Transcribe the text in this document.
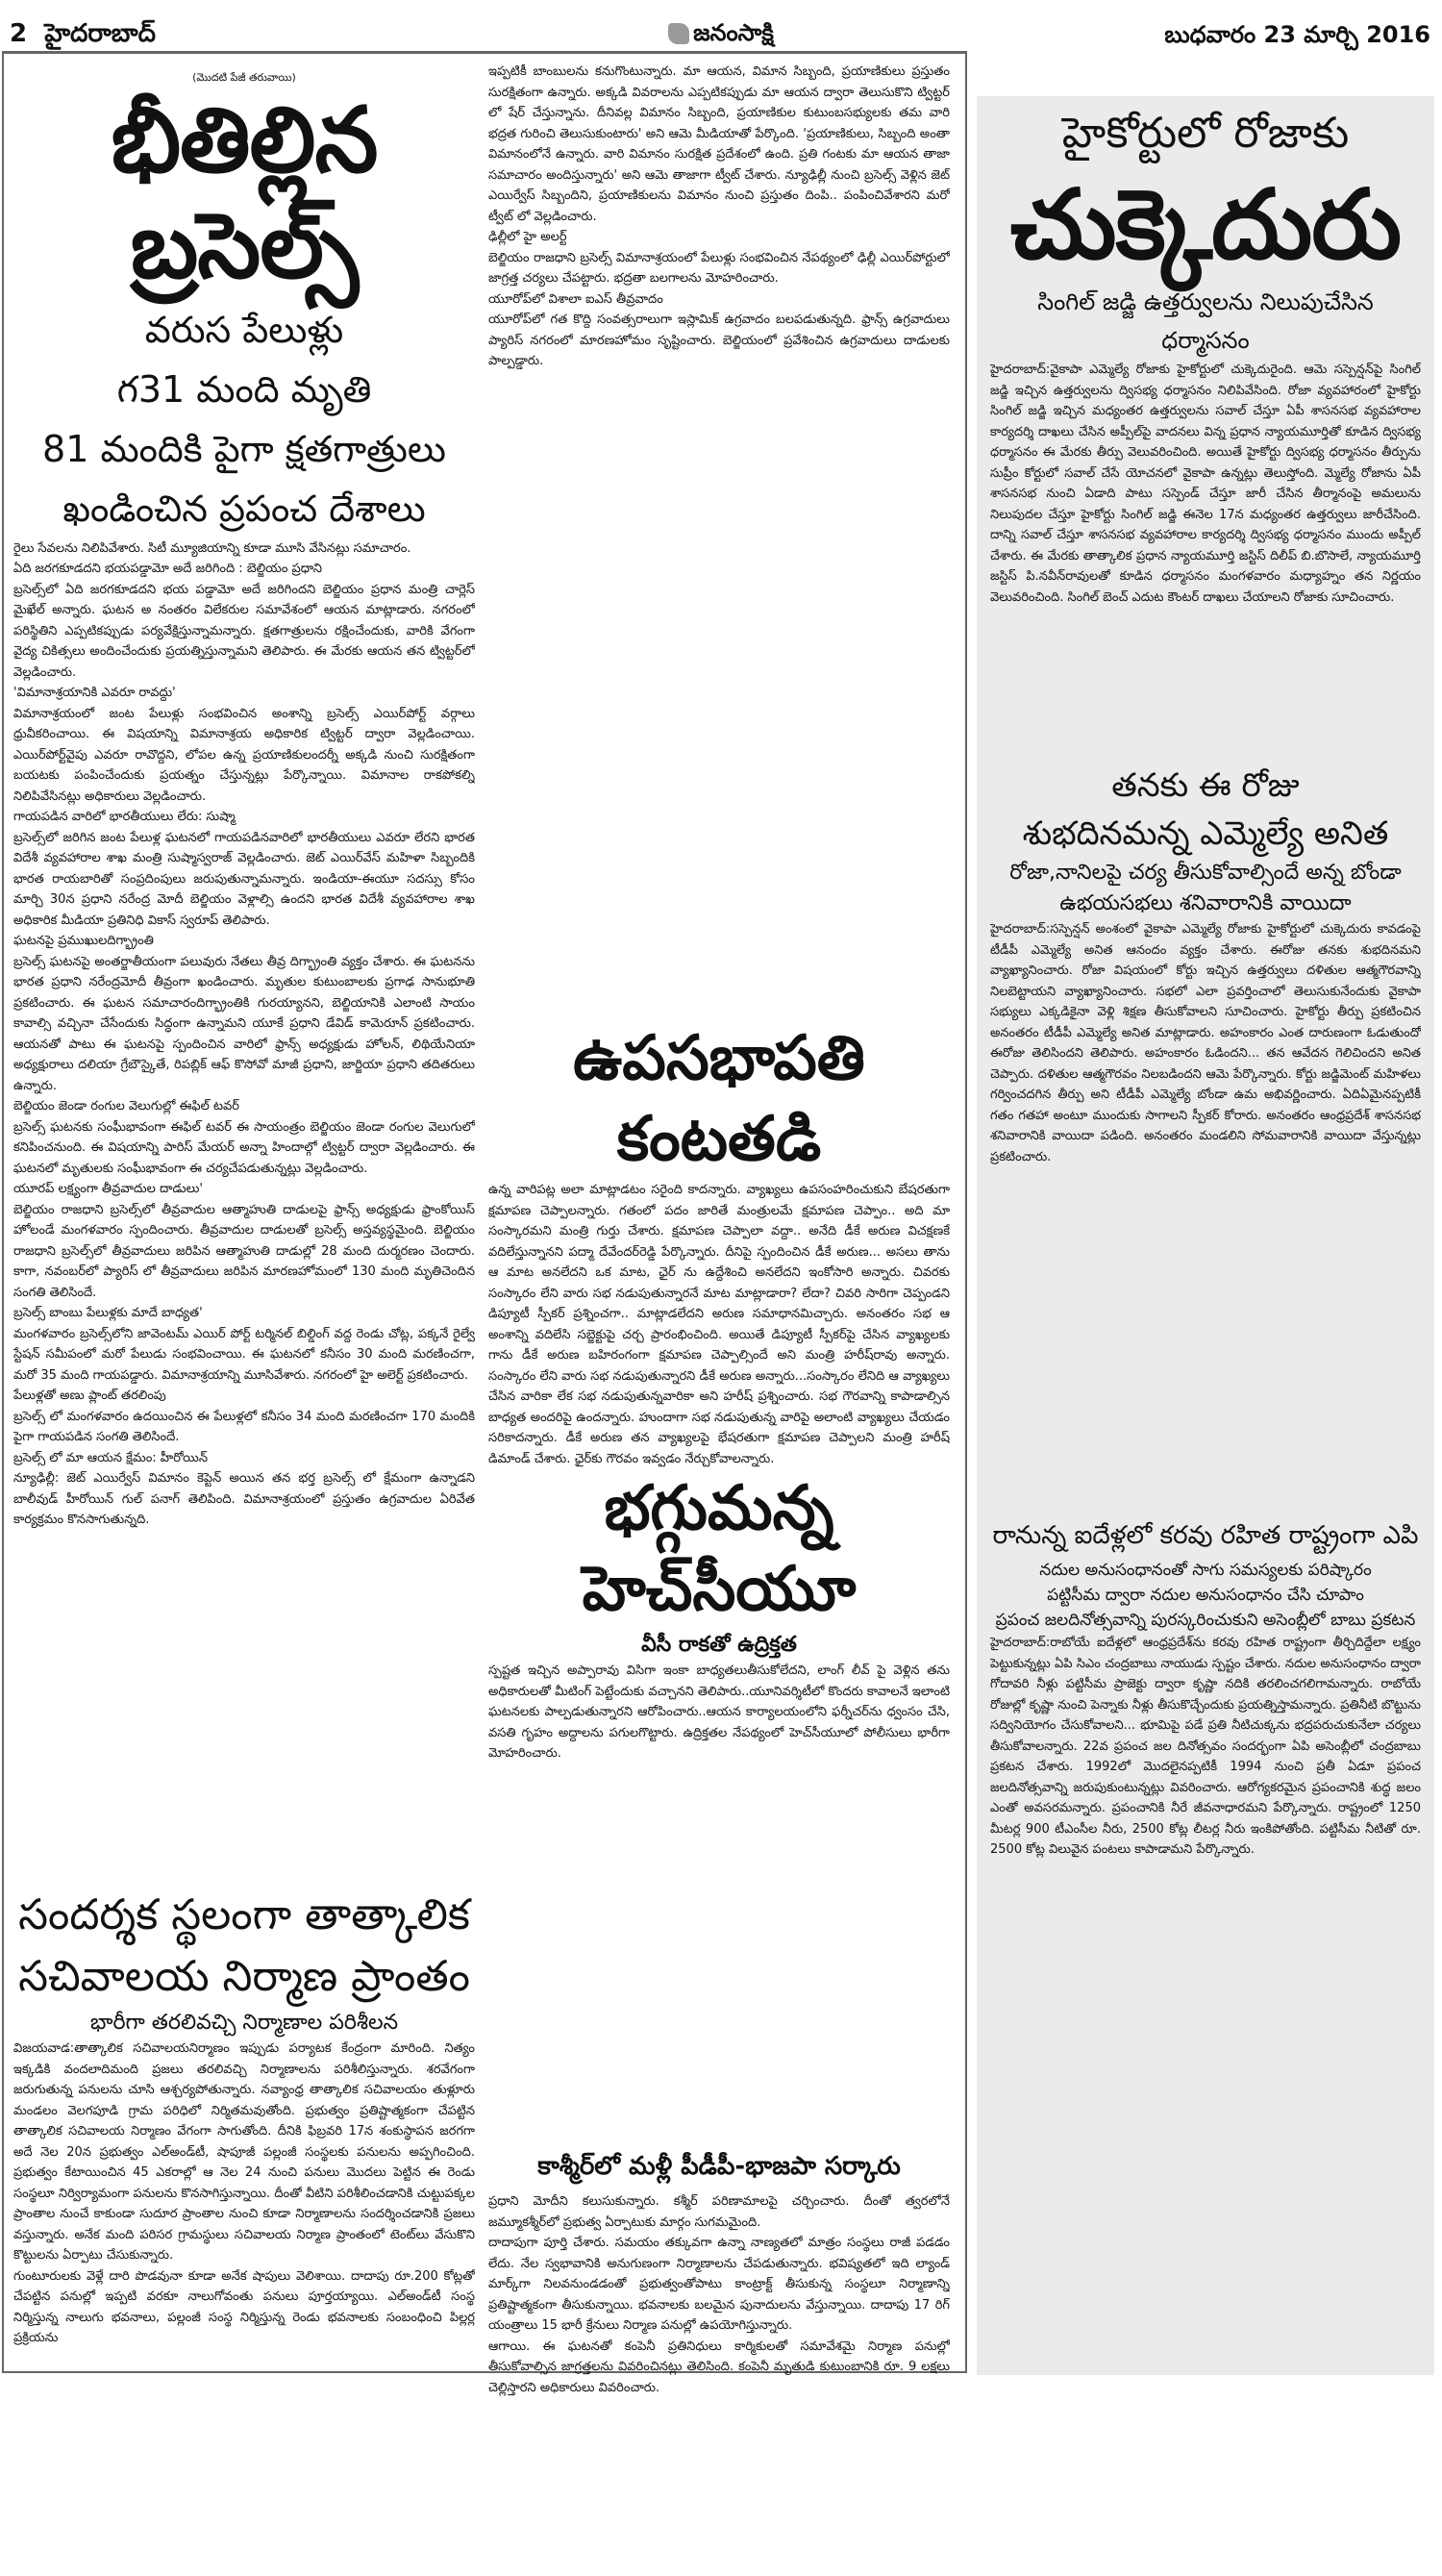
2 హైదరాబాద్	జనంసాక్షి	బుధవారం 23 మార్చి 2016
(మొదటి పేజీ తరువాయి)
భీతిల్లిన బ్రసెల్స్
వరుస పేలుళ్లు
గ31 మంది మృతి
81 మందికి పైగా క్షతగాత్రులు
ఖండించిన ప్రపంచ దేశాలు

రైలు సేవలను నిలిపివేశారు. సిటీ మ్యూజియాన్ని కూడా మూసి వేసినట్లు సమాచారం.

ఏది జరగకూడదని భయపడ్డామో అదే జరిగింది : బెల్జియం ప్రధాని

బ్రసెల్స్‌లో ఏది జరగకూడదని భయ పడ్డామో అదే జరిగిందని బెల్జియం ప్రధాన మంత్రి చార్లెస్ మైఖేల్ అన్నారు. ఘటన అ నంతరం విలేకరుల సమావేశంలో ఆయన మాట్లాడారు. నగరంలో పరిస్థితిని ఎప్పటికప్పుడు పర్యవేక్షిస్తున్నామన్నారు. క్షతగాత్రులను రక్షించేందుకు, వారికి వేగంగా వైద్య చికిత్సలు అందించేందుకు ప్రయత్నిస్తున్నామని తెలిపారు. ఈ మేరకు ఆయన తన ట్విట్టర్‌లో వెల్లడించారు.

'విమానాశ్రయానికి ఎవరూ రావద్దు'

విమానాశ్రయంలో జంట పేలుళ్లు సంభవించిన అంశాన్ని బ్రసెల్స్ ఎయిర్‌పోర్ట్ వర్గాలు ధ్రువీకరించాయి. ఈ విషయాన్ని విమానాశ్రయ అధికారిక ట్విట్టర్ ద్వారా వెల్లడించాయి. ఎయిర్‌పోర్ట్‌వైపు ఎవరూ రావొద్దని, లోపల ఉన్న ప్రయాణికులందర్నీ అక్కడి నుంచి సురక్షితంగా బయటకు పంపించేందుకు ప్రయత్నం చేస్తున్నట్లు పేర్కొన్నాయి. విమానాల రాకపోకల్ని నిలిపివేసినట్లు అధికారులు వెల్లడించారు.

గాయపడిన వారిలో భారతీయులు లేరు: సుష్మా

బ్రసెల్స్‌లో జరిగిన జంట పేలుళ్ల ఘటనలో గాయపడినవారిలో భారతీయులు ఎవరూ లేరని భారత విదేశీ వ్యవహారాల శాఖ మంత్రి సుష్మాస్వరాజ్ వెల్లడించారు. జెట్ ఎయిర్‌వేస్ మహిళా సిబ్బందికి భారత రాయబారితో సంప్రదింపులు జరుపుతున్నామన్నారు. ఇండియా-ఈయూ సదస్సు కోసం మార్చి 30న ప్రధాని నరేంద్ర మోదీ బెల్జియం వెళ్లాల్సి ఉందని భారత విదేశీ వ్యవహారాల శాఖ అధికారిక మీడియా ప్రతినిధి వికాస్ స్వరూప్ తెలిపారు.

ఘటనపై ప్రముఖులదిగ్భ్రాంతి

బ్రసెల్స్ ఘటనపై అంతర్జాతీయంగా పలువురు నేతలు తీవ్ర దిగ్భ్రాంతి వ్యక్తం చేశారు. ఈ ఘటనను భారత ప్రధాని నరేంద్రమోదీ తీవ్రంగా ఖండించారు. మృతుల కుటుంబాలకు ప్రగాఢ సానుభూతి ప్రకటించారు. ఈ ఘటన సమాచారందిగ్భ్రాంతికి గురయ్యానని, బెల్జియానికి ఎలాంటి సాయం కావాల్సి వచ్చినా చేసేందుకు సిద్ధంగా ఉన్నామని యూకే ప్రధాని డేవిడ్ కామెరూన్ ప్రకటించారు. ఆయనతో పాటు ఈ ఘటనపై స్పందించిన వారిలో ఫ్రాన్స్ అధ్యక్షుడు హోలన్, లిథియేనియా అధ్యక్షురాలు దలియా గ్రేబౌస్కైతే, రిపబ్లిక్ ఆఫ్ కొసోవో మాజీ ప్రధాని, జార్జియా ప్రధాని తదితరులు ఉన్నారు.

బెల్జియం జెండా రంగుల వెలుగుల్లో ఈఫిల్ టవర్

బ్రసెల్స్ ఘటనకు సంఘీభావంగా ఈఫిల్ టవర్ ఈ సాయంత్రం బెల్జియం జెండా రంగుల వెలుగులో కనిపించనుంది. ఈ విషయాన్ని పారిస్ మేయర్ అన్నా హిందాల్గో ట్విట్టర్ ద్వారా వెల్లడించారు. ఈ ఘటనలో మృతులకు సంఘీభావంగా ఈ చర్యచేపడుతున్నట్లు వెల్లడించారు.

యూరప్ లక్ష్యంగా తీవ్రవాదుల దాడులు'

బెల్జియం రాజధాని బ్రసెల్స్‌లో తీవ్రవాదుల ఆత్మాహుతి దాడులపై ఫ్రాన్స్ అధ్యక్షుడు ఫ్రాంకోయిస్ హోలండే మంగళవారం స్పందించారు. తీవ్రవాదుల దాడులతో బ్రసెల్స్ అస్తవ్యస్థమైంది. బెల్జియం రాజధాని బ్రసెల్స్‌లో తీవ్రవాదులు జరిపిన ఆత్మాహుతి దాడుల్లో 28 మంది దుర్మరణం చెందారు. కాగా, నవంబర్‌లో ప్యారిస్ లో తీవ్రవాదులు జరిపిన మారణహోమంలో 130 మంది మృతిచెందిన సంగతి తెలిసిందే.

బ్రసెల్స్ బాంబు పేలుళ్లకు మాదే బాధ్యత'

మంగళవారం బ్రసెల్స్‌లోని జావెంటమ్ ఎయిర్ పోర్ట్ టర్మినల్ బిల్డింగ్ వద్ద రెండు చోట్ల, పక్కనే రైల్వే స్టేషన్ సమీపంలో మరో పేలుడు సంభవించాయి. ఈ ఘటనలో కనీసం 30 మంది మరణించగా, మరో 35 మంది గాయపడ్డారు. విమానాశ్రయాన్ని మూసివేశారు. నగరంలో హై అలెర్ట్ ప్రకటించారు.

పేలుళ్లతో అణు ప్లాంట్ తరలింపు

బ్రసెల్స్ లో మంగళవారం ఉదయించిన ఈ పేలుళ్లలో కనీసం 34 మంది మరణించగా 170 మందికి పైగా గాయపడిన సంగతి తెలిసిందే.

బ్రసెల్స్ లో మా ఆయన క్షేమం: హీరోయిన్

న్యూఢిల్లీ: జెట్ ఎయిర్వేస్ విమానం కెప్టెన్ అయిన తన భర్త బ్రసెల్స్ లో క్షేమంగా ఉన్నాడని బాలీవుడ్ హీరోయిన్ గుల్ పనాగ్ తెలిపింది. విమానాశ్రయంలో ప్రస్తుతం ఉగ్రవాదుల ఏరివేత కార్యక్రమం కొనసాగుతున్నది.

ఇప్పటికీ బాంబులను కనుగొంటున్నారు. మా ఆయన, విమాన సిబ్బంది, ప్రయాణికులు ప్రస్తుతం సురక్షితంగా ఉన్నారు. అక్కడి వివరాలను ఎప్పటికప్పుడు మా ఆయన ద్వారా తెలుసుకొని ట్విట్టర్ లో షేర్ చేస్తున్నాను. దీనివల్ల విమానం సిబ్బంది, ప్రయాణికుల కుటుంబసభ్యులకు తమ వారి భద్రత గురించి తెలుసుకుంటారు' అని ఆమె మీడియాతో పేర్కొంది. 'ప్రయాణికులు, సిబ్బంది అంతా విమానంలోనే ఉన్నారు. వారి విమానం సురక్షిత ప్రదేశంలో ఉంది. ప్రతి గంటకు మా ఆయన తాజా సమాచారం అందిస్తున్నారు' అని ఆమె తాజాగా ట్వీట్ చేశారు. న్యూఢిల్లీ నుంచి బ్రసెల్స్ వెళ్లిన జెట్ ఎయిర్వేస్ సిబ్బందిని, ప్రయాణికులను విమానం నుంచి ప్రస్తుతం దింపి.. పంపించివేశారని మరో ట్వీట్ లో వెల్లడించారు.

ఢిల్లీలో హై అలర్ట్

బెల్జియం రాజధాని బ్రసెల్స్ విమానాశ్రయంలో పేలుళ్లు సంభవించిన నేపథ్యంలో ఢిల్లీ ఎయిర్‌పోర్టులో జాగ్రత్త చర్యలు చేపట్టారు. భద్రతా బలగాలను మోహరించారు.

యూరోప్‌లో విశాలా ఐఎస్ తీవ్రవాదం

యూరోప్‌లో గత కొద్ది సంవత్సరాలుగా ఇస్లామిక్ ఉగ్రవాదం బలపడుతున్నది. ఫ్రాన్స్ ఉగ్రవాదులు ప్యారిస్ నగరంలో మారణహోమం సృష్టించారు. బెల్జియంలో ప్రవేశించిన ఉగ్రవాదులు దాడులకు పాల్పడ్డారు.

ఉపసభాపతి కంటతడి

ఉన్న వారిపట్ల అలా మాట్లాడటం సరైంది కాదన్నారు. వ్యాఖ్యలు ఉపసంహరించుకుని బేషరతుగా క్షమాపణ చెప్పాలన్నారు. గతంలో పదం జారితే మంత్రులమే క్షమాపణ చెప్పాం.. అది మా సంస్కారమని మంత్రి గుర్తు చేశారు. క్షమాపణ చెప్పాలా వద్దా.. అనేది డీకే అరుణ విచక్షణకే వదిలేస్తున్నానని పద్మా దేవేందర్‌రెడ్డి పేర్కొన్నారు. దీనిపై స్పందించిన డీకే అరుణ... అసలు తాను ఆ మాట అనలేదని ఒక మాట, ఛైర్ ను ఉద్దేశించి అనలేదని ఇంకోసారి అన్నారు. చివరకు సంస్కారం లేని వారు సభ నడుపుతున్నారనే మాట మాట్లాడారా? లేదా? చివరి సారిగా చెప్పండని డిప్యూటీ స్పీకర్ ప్రశ్నించగా.. మాట్లాడలేదని అరుణ సమాధానమిచ్చారు. అనంతరం సభ ఆ అంశాన్ని వదిలేసి సబ్జెక్టుపై చర్చ ప్రారంభించింది. అయితే డిప్యూటీ స్పీకర్‌పై చేసిన వ్యాఖ్యలకు గాను డీకే అరుణ బహిరంగంగా క్షమాపణ చెప్పాల్సిందే అని మంత్రి హరీష్‌రావు అన్నారు. సంస్కారం లేని వారు సభ నడుపుతున్నారని డీకే అరుణ అన్నారు...సంస్కారం లేనిది ఆ వ్యాఖ్యలు చేసిన వారికా లేక సభ నడుపుతున్నవారికా అని హరీష్ ప్రశ్నించారు. సభ గౌరవాన్ని కాపాడాల్సిన బాధ్యత అందరిపై ఉందన్నారు. హుందాగా సభ నడుపుతున్న వారిపై అలాంటి వ్యాఖ్యలు చేయడం సరికాదన్నారు. డీకే అరుణ తన వ్యాఖ్యలపై భేషరతుగా క్షమాపణ చెప్పాలని మంత్రి హరీష్ డిమాండ్ చేశారు. ఛైర్‌కు గౌరవం ఇవ్వడం నేర్చుకోవాలన్నారు.

భగ్గుమన్న హెచ్‌సీయూ
వీసీ రాకతో ఉద్రిక్తత

స్పష్టత ఇచ్చిన అప్పారావు విసిగా ఇంకా బాధ్యతలుతీసుకోలేదని, లాంగ్ లీవ్ పై వెళ్లిన తను అధికారులతో మీటింగ్ పెట్టేందుకు వచ్చానని తెలిపారు..యూనివర్శిటీలో కొందరు కావాలనే ఇలాంటి ఘటనలకు పాల్పడుతున్నారని ఆరోపించారు..ఆయన కార్యాలయంలోని ఫర్నీచర్‌ను ధ్వంసం చేసి, వసతి గృహం అద్దాలను పగులగొట్టారు. ఉద్రిక్తతల నేపథ్యంలో హెచ్‌సీయూలో పోలీసులు భారీగా మోహరించారు.

కాశ్మీర్‌లో మళ్లీ పీడీపీ-భాజపా సర్కారు

ప్రధాని మోదీని కలుసుకున్నారు. కశ్మీర్ పరిణామాలపై చర్చించారు. దీంతో త్వరలోనే జమ్మూకశ్మీర్‌లో ప్రభుత్వ ఏర్పాటుకు మార్గం సుగమమైంది.

దాదాపుగా పూర్తి చేశారు. సమయం తక్కువగా ఉన్నా నాణ్యతలో మాత్రం సంస్థలు రాజీ పడడం లేదు. నేల స్వభావానికి అనుగుణంగా నిర్మాణాలను చేపడుతున్నారు. భవిష్యతలో ఇది ల్యాండ్ మార్క్‌గా నిలవనుండడంతో ప్రభుత్వంతోపాటు కాంట్రాక్ట్ తీసుకున్న సంస్థలూ నిర్మాణాన్ని ప్రతిష్టాత్మకంగా తీసుకున్నాయి. భవనాలకు బలమైన పునాదులను వేస్తున్నాయి. దాదాపు 17 రిగ్ యంత్రాలు 15 భారీ క్రేనులు నిర్మాణ పనుల్లో ఉపయోగిస్తున్నారు.

ఆగాయి. ఈ ఘటనతో కంపెనీ ప్రతినిధులు కార్మికులతో సమావేశమై నిర్మాణ పనుల్లో తీసుకోవాల్సిన జాగ్రత్తలను వివరించినట్లు తెలిసింది. కంపెనీ మృతుడి కుటుంబానికి రూ. 9 లక్షలు చెల్లిస్తారని అధికారులు వివరించారు.

సందర్శక స్థలంగా తాత్కాలిక
సచివాలయ నిర్మాణ ప్రాంతం
భారీగా తరలివచ్చి నిర్మాణాల పరిశీలన

విజయవాడ:తాత్కాలిక సచివాలయనిర్మాణం ఇప్పుడు పర్యాటక కేంద్రంగా మారింది. నిత్యం ఇక్కడికి వందలాదిమంది ప్రజలు తరలివచ్చి నిర్మాణాలను పరిశీలిస్తున్నారు. శరవేగంగా జరుగుతున్న పనులను చూసి ఆశ్చర్యపోతున్నారు. నవ్యాంధ్ర తాత్కాలిక సచివాలయం తుళ్లూరు మండలం వెలగపూడి గ్రామ పరిధిలో నిర్మితమవుతోంది. ప్రభుత్వం ప్రతిష్టాత్మకంగా చేపట్టిన తాత్కాలిక సచివాలయ నిర్మాణం వేగంగా సాగుతోంది. దీనికి ఫిబ్రవరి 17న శంకుస్థాపన జరగగా అదే నెల 20న ప్రభుత్వం ఎల్‌అండ్‌టీ, షాపూజీ పల్లంజీ సంస్థలకు పనులను అప్పగించింది. ప్రభుత్వం కేటాయించిన 45 ఎకరాల్లో ఆ నెల 24 నుంచి పనులు మొదలు పెట్టిన ఈ రెండు సంస్థలూ నిర్విర్యామంగా పనులను కొనసాగిస్తున్నాయి. దీంతో వీటిని పరిశీలించడానికి చుట్టుపక్కల ప్రాంతాల నుంచే కాకుండా సుదూర ప్రాంతాల నుంచి కూడా నిర్మాణాలను సందర్శించడానికి ప్రజలు వస్తున్నారు. అనేక మంది పరిసర గ్రామస్థులు సచివాలయ నిర్మాణ ప్రాంతంలో టెంట్‌లు వేసుకొని కొట్టులను ఏర్పాటు చేసుకున్నారు.

గుంటూరులకు వెళ్లే దారి పొడవునా కూడా అనేక షాపులు వెలిశాయి. దాదాపు రూ.200 కోట్లతో చేపట్టిన పనుల్లో ఇప్పటి వరకూ నాలుగోవంతు పనులు పూర్తయ్యాయి. ఎల్‌అండ్‌టీ సంస్థ నిర్మిస్తున్న నాలుగు భవనాలు, పల్లంజీ సంస్థ నిర్మిస్తున్న రెండు భవనాలకు సంబంధించి పిల్లర్ల ప్రక్రియను

హైకోర్టులో రోజాకు
చుక్కెదురు
సింగిల్ జడ్జి ఉత్తర్వులను నిలుపుచేసిన ధర్మాసనం

హైదరాబాద్:వైకాపా ఎమ్మెల్యే రోజాకు హైకోర్టులో చుక్కెదురైంది. ఆమె సస్పెన్షన్‌పై సింగిల్ జడ్జి ఇచ్చిన ఉత్తర్వులను ద్విసభ్య ధర్మాసనం నిలిపివేసింది. రోజా వ్యవహారంలో హైకోర్టు సింగిల్ జడ్జి ఇచ్చిన మధ్యంతర ఉత్తర్వులను సవాల్ చేస్తూ ఏపీ శాసనసభ వ్యవహారాల కార్యదర్శి దాఖలు చేసిన అప్పీల్‌పై వాదనలు విన్న ప్రధాన న్యాయమూర్తితో కూడిన ద్విసభ్య ధర్మాసనం ఈ మేరకు తీర్పు వెలువరించింది. అయితే హైకోర్టు ద్విసభ్య ధర్మాసనం తీర్పును సుప్రీం కోర్టులో సవాల్ చేసే యోచనలో వైకాపా ఉన్నట్లు తెలుస్తోంది. మ్మెల్యే రోజాను ఏపీ శాసనసభ నుంచి ఏడాది పాటు సస్పెండ్ చేస్తూ జారీ చేసిన తీర్మానంపై అమలును నిలుపుదల చేస్తూ హైకోర్టు సింగిల్ జడ్జి ఈనెల 17న మధ్యంతర ఉత్తర్వులు జారీచేసింది. దాన్ని సవాల్ చేస్తూ శాసనసభ వ్యవహారాల కార్యదర్శి ద్విసభ్య ధర్మాసనం ముందు అప్పీల్ చేశారు. ఈ మేరకు తాత్కాలిక ప్రధాన న్యాయమూర్తి జస్టిస్ దిలీప్ బి.బొసాలే, న్యాయమూర్తి జస్టిస్ పి.నవీన్‌రావులతో కూడిన ధర్మాసనం మంగళవారం మధ్యాహ్నం తన నిర్ణయం వెలువరించింది. సింగిల్ బెంచ్ ఎదుట కౌంటర్ దాఖలు చేయాలని రోజాకు సూచించారు.

తనకు ఈ రోజు
శుభదినమన్న ఎమ్మెల్యే అనిత
రోజా,నానిలపై చర్య తీసుకోవాల్సిందే అన్న బోండా
ఉభయసభలు శనివారానికి వాయిదా

హైదరాబాద్:సస్పెన్షన్ అంశంలో వైకాపా ఎమ్మెల్యే రోజాకు హైకోర్టులో చుక్కెదురు కావడంపై టీడీపీ ఎమ్మెల్యే అనిత ఆనందం వ్యక్తం చేశారు. ఈరోజు తనకు శుభదినమని వ్యాఖ్యానించారు. రోజా విషయంలో కోర్టు ఇచ్చిన ఉత్తర్వులు దళితుల ఆత్మగౌరవాన్ని నిలబెట్టాయని వ్యాఖ్యానించారు. సభలో ఎలా ప్రవర్తించాలో తెలుసుకునేందుకు వైకాపా సభ్యులు ఎక్కడికైనా వెళ్లి శిక్షణ తీసుకోవాలని సూచించారు. హైకోర్టు తీర్పు ప్రకటించిన అనంతరం టీడీపీ ఎమ్మెల్యే అనిత మాట్లాడారు. అహంకారం ఎంత దారుణంగా ఓడుతుందో ఈరోజు తెలిసిందని తెలిపారు. అహంకారం ఓడిందని... తన ఆవేదన గెలిచిందని అనిత చెప్పారు. దళితుల ఆత్మగౌరవం నిలబడిందని ఆమె పేర్కొన్నారు. కోర్టు జడ్జిమెంట్ మహిళలు గర్వించదగిన తీర్పు అని టీడీపీ ఎమ్మెల్యే బోండా ఉమ అభివర్ణించారు. ఏదిఏమైనప్పటికీ గతం గతహా అంటూ ముందుకు సాగాలని స్పీకర్ కోరారు. అనంతరం ఆంధ్రప్రదేశ్ శాసనసభ శనివారానికి వాయిదా పడింది. అనంతరం మండలిని సోమవారానికి వాయిదా వేస్తున్నట్లు ప్రకటించారు.

రానున్న ఐదేళ్లలో కరవు రహిత రాష్ట్రంగా ఎపి
నదుల అనుసంధానంతో సాగు సమస్యలకు పరిష్కారం
పట్టిసీమ ద్వారా నదుల అనుసంధానం చేసి చూపాం
ప్రపంచ జలదినోత్సవాన్ని పురస్కరించుకుని అసెంబ్లీలో బాబు ప్రకటన

హైదరాబాద్:రాబోయే ఐదేళ్లలో ఆంధ్రప్రదేశ్‌ను కరవు రహిత రాష్ట్రంగా తీర్చిదిద్దేలా లక్ష్యం పెట్టుకున్నట్లు ఏపి సిఎం చంద్రబాబు నాయుడు స్పష్టం చేశారు. నదుల అనుసంధానం ద్వారా గోదావరి నీళ్లు పట్టిసీమ ప్రాజెక్టు ద్వారా కృష్ణా నదికి తరలించగలిగామన్నారు. రాబోయే రోజుల్లో కృష్ణా నుంచి పెన్నాకు నీళ్లు తీసుకొచ్చేందుకు ప్రయత్నిస్తామన్నారు. ప్రతినీటి బొట్టును సద్వినియోగం చేసుకోవాలని... భూమిపై పడే ప్రతి నీటిచుక్కను భద్రపరుచుకునేలా చర్యలు తీసుకోవాలన్నారు. 22వ ప్రపంచ జల దినోత్సవం సందర్భంగా ఏపి అసెంబ్లీలో చంద్రబాబు ప్రకటన చేశారు. 1992లో మొదలైనప్పటికీ 1994 నుంచి ప్రతీ ఏడూ ప్రపంచ జలదినోత్సవాన్ని జరుపుకుంటున్నట్లు వివరించారు. ఆరోగ్యకరమైన ప్రపంచానికి శుద్ధ జలం ఎంతో అవసరమన్నారు. ప్రపంచానికి నీరే జీవనాధారమని పేర్కొన్నారు. రాష్ట్రంలో 1250 మీటర్ల 900 టీఎంసీల నీరు, 2500 కోట్ల లీటర్ల నీరు ఇంకిపోతోంది. పట్టిసీమ నీటితో రూ. 2500 కోట్ల విలువైన పంటలు కాపాడామని పేర్కొన్నారు.
